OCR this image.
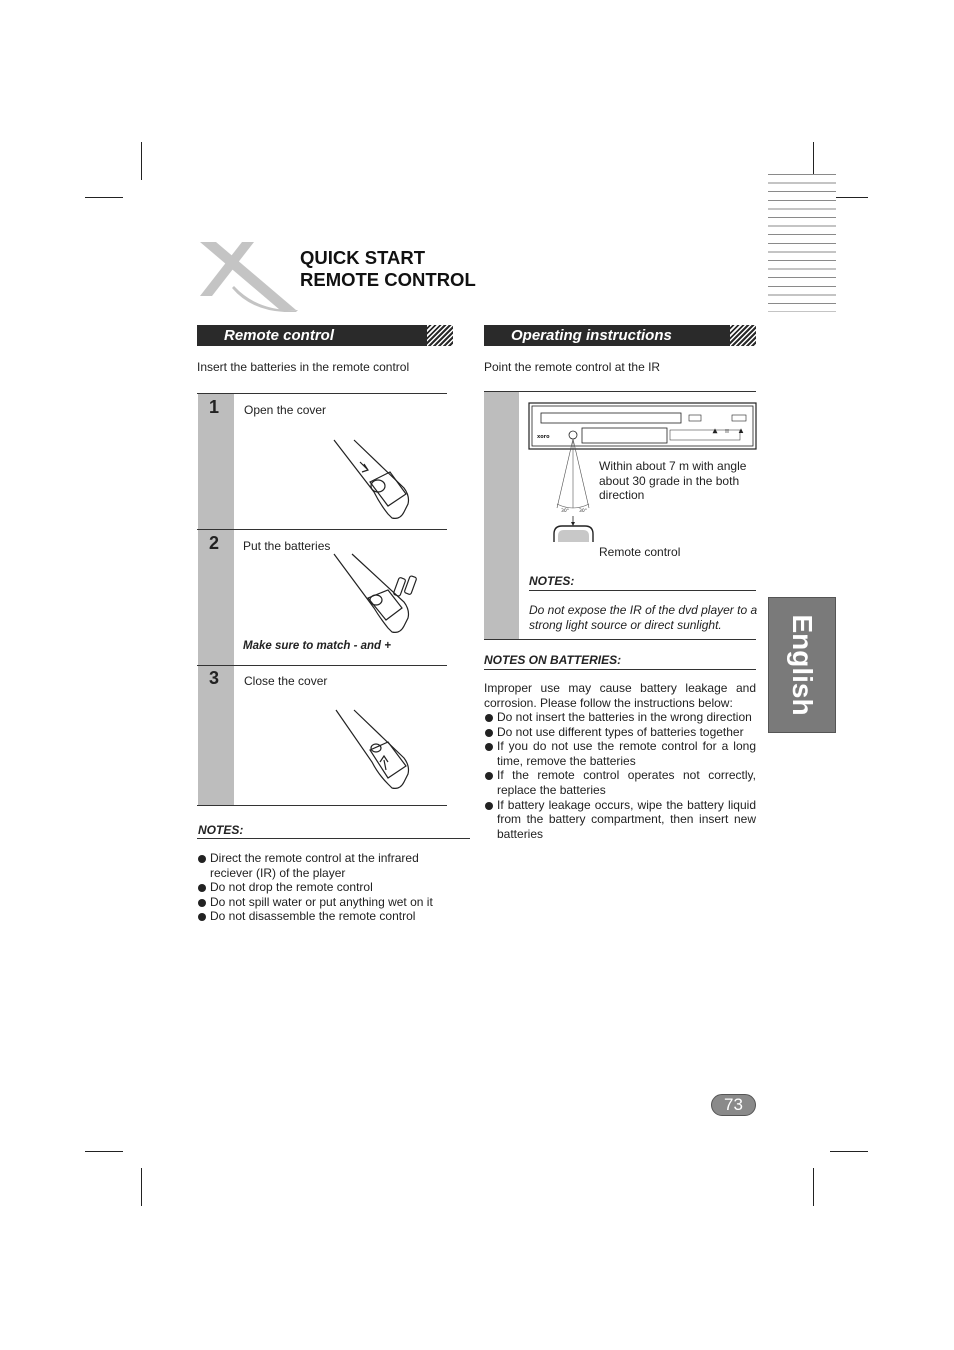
QUICK START
REMOTE CONTROL
Remote control
Insert the batteries in the remote control
1 Open the cover
2 Put the batteries
Make sure to match - and +
3 Close the cover
NOTES:
Direct the remote control at the infrared reciever (IR) of the player
Do not drop the remote control
Do not spill water or put anything wet on it
Do not disassemble the remote control
Operating instructions
Point the remote control at the IR
xoro
30° 30°
Within about 7 m with angle about 30 grade in the both direction
Remote control
NOTES:
Do not expose the IR of the dvd player to a strong light source or direct sunlight.
NOTES ON BATTERIES:
Improper use may cause battery leakage and corrosion. Please follow the instructions below:
Do not insert the batteries in the wrong direction
Do not use different types of batteries together
If you do not use the remote control for a long time, remove the batteries
If the remote control operates not correctly, replace the batteries
If battery leakage occurs, wipe the battery liquid from the battery compartment, then insert new batteries
English
73
